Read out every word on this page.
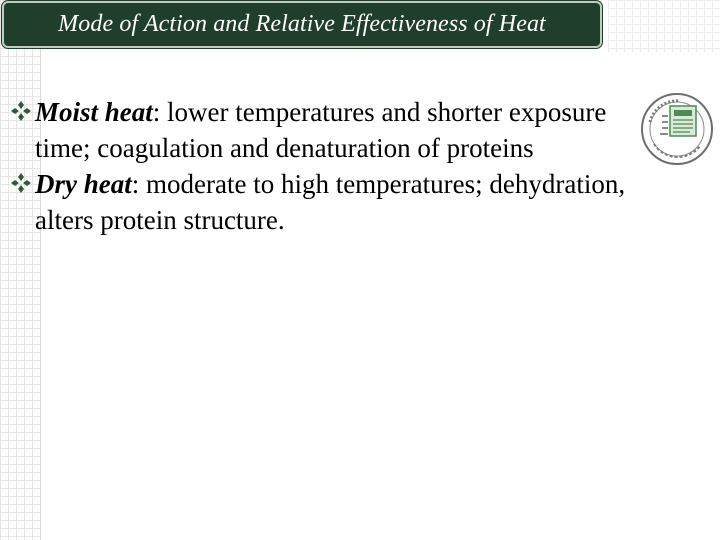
Mode of Action and Relative Effectiveness of Heat
Moist heat: lower temperatures and shorter exposure time; coagulation and denaturation of proteins
Dry heat: moderate to high temperatures; dehydration, alters protein structure.
